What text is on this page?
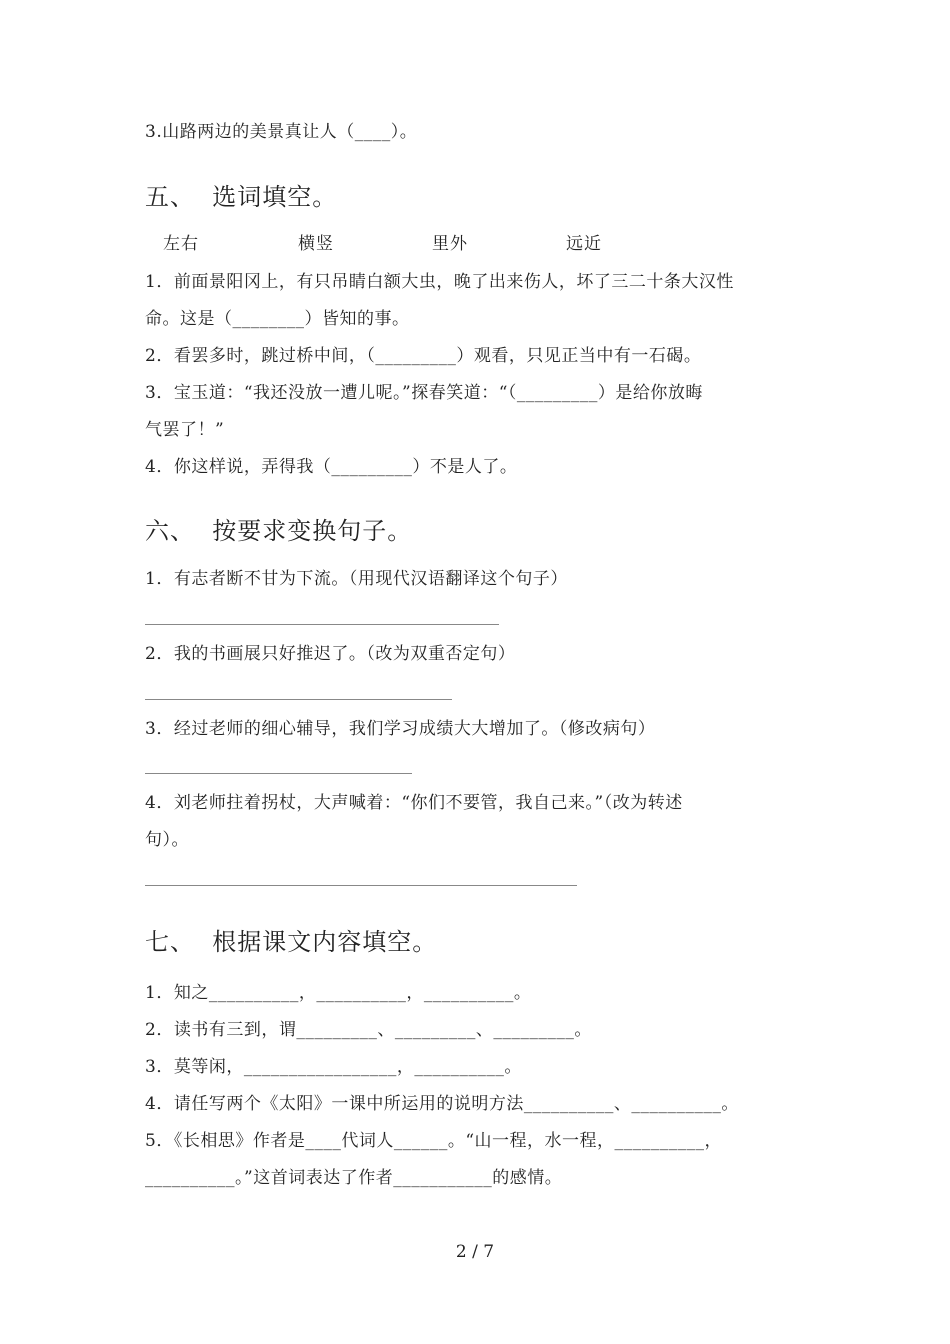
3.山路两边的美景真让人（____）。
五、  选词填空。
左右	横竖	里外	远近
1．前面景阳冈上，有只吊睛白额大虫，晚了出来伤人，坏了三二十条大汉性
命。这是（________）皆知的事。
2．看罢多时，跳过桥中间，（_________）观看，只见正当中有一石碣。
3．宝玉道：“我还没放一遭儿呢。”探春笑道：“（_________）是给你放晦
气罢了！”
4．你这样说，弄得我（_________）不是人了。
六、  按要求变换句子。
1．有志者断不甘为下流。（用现代汉语翻译这个句子）
2．我的书画展只好推迟了。（改为双重否定句）
3．经过老师的细心辅导，我们学习成绩大大增加了。（修改病句）
4．刘老师拄着拐杖，大声喊着：“你们不要管，我自己来。”（改为转述
句）。
七、  根据课文内容填空。
1．知之__________，__________，__________。
2．读书有三到，谓_________、_________、_________。
3．莫等闲，_________________，__________。
4．请任写两个《太阳》一课中所运用的说明方法__________、__________。
5．《长相思》作者是____代词人______。“山一程，水一程，__________，
__________。”这首词表达了作者___________的感情。
2 / 7
